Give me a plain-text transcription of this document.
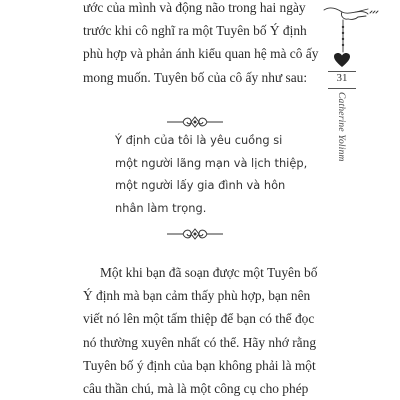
ước của mình và động não trong hai ngày
trước khi cô nghĩ ra một Tuyên bố Ý định
phù hợp và phản ánh kiểu quan hệ mà cô ấy
mong muốn. Tuyên bố của cô ấy như sau:
Ý định của tôi là yêu cuồng si
một người lãng mạn và lịch thiệp,
một người lấy gia đình và hôn
nhân làm trọng.
Một khi bạn đã soạn được một Tuyên bố
Ý định mà bạn cảm thấy phù hợp, bạn nên
viết nó lên một tấm thiệp để bạn có thể đọc
nó thường xuyên nhất có thể. Hãy nhớ rằng
Tuyên bố ý định của bạn không phải là một
câu thần chú, mà là một công cụ cho phép
31
Catherine Yolinm
